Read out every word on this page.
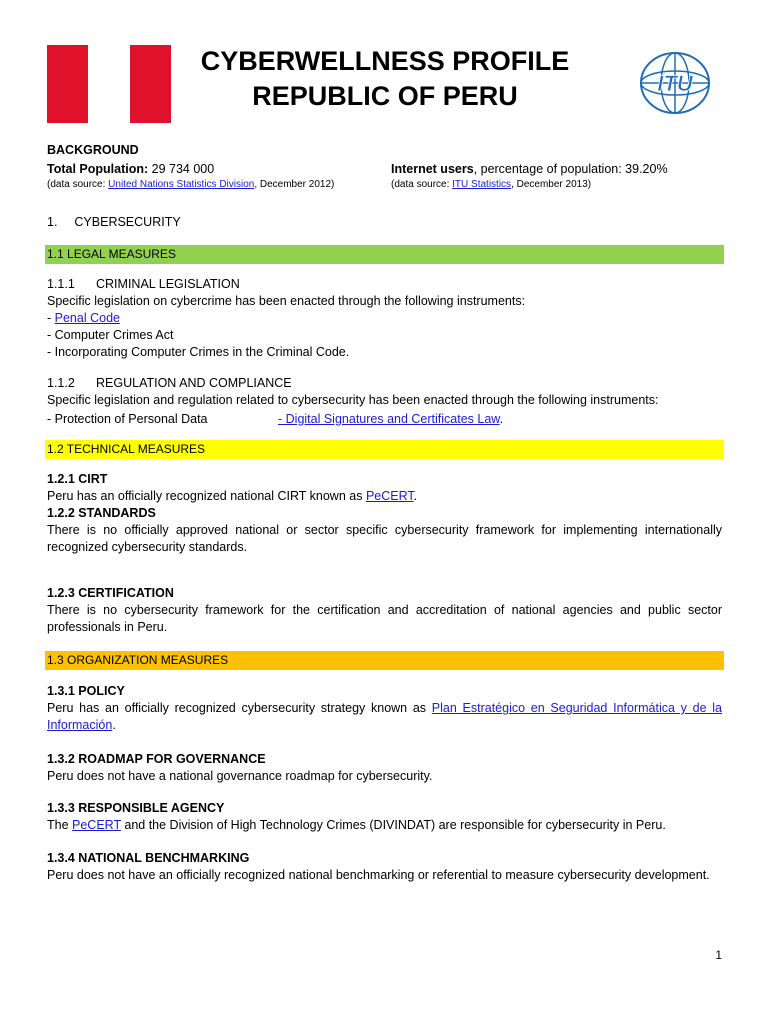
CYBERWELLNESS PROFILE
REPUBLIC OF PERU	ITU
BACKGROUND
Total Population: 29 734 000
(data source: United Nations Statistics Division, December 2012)
Internet users, percentage of population: 39.20%
(data source: ITU Statistics, December 2013)
1. CYBERSECURITY
1.1 LEGAL MEASURES
1.1.1 CRIMINAL LEGISLATION
Specific legislation on cybercrime has been enacted through the following instruments:
- Penal Code
- Computer Crimes Act
- Incorporating Computer Crimes in the Criminal Code.
1.1.2 REGULATION AND COMPLIANCE
Specific legislation and regulation related to cybersecurity has been enacted through the following instruments:
- Protection of Personal Data	- Digital Signatures and Certificates Law.
1.2 TECHNICAL MEASURES
1.2.1 CIRT
Peru has an officially recognized national CIRT known as PeCERT.
1.2.2 STANDARDS
There is no officially approved national or sector specific cybersecurity framework for implementing internationally recognized cybersecurity standards.
1.2.3 CERTIFICATION
There is no cybersecurity framework for the certification and accreditation of national agencies and public sector professionals in Peru.
1.3 ORGANIZATION MEASURES
1.3.1 POLICY
Peru has an officially recognized cybersecurity strategy known as Plan Estratégico en Seguridad Informática y de la Información.
1.3.2 ROADMAP FOR GOVERNANCE
Peru does not have a national governance roadmap for cybersecurity.
1.3.3 RESPONSIBLE AGENCY
The PeCERT and the Division of High Technology Crimes (DIVINDAT) are responsible for cybersecurity in Peru.
1.3.4 NATIONAL BENCHMARKING
Peru does not have an officially recognized national benchmarking or referential to measure cybersecurity development.
1
